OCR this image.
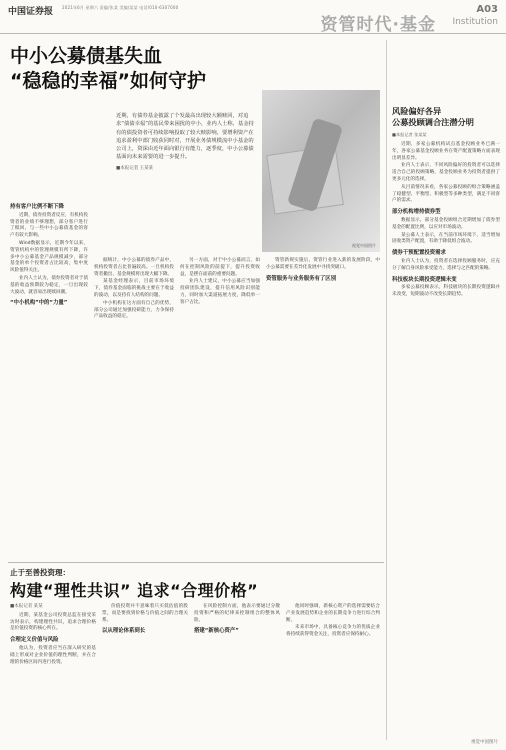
中国证券报 2021年6月 星期六 责编/张某 美编/某某 电话/010-6307000
资管时代·基金
A03
Institution
中小公募债基失血
“稳稳的幸福”如何守护
近期，有债券基金披露了个发最高出现较大额赎回，对追求“债债幸福”的基民带来困扰的中小，业内人士称，基金持有的债投资者可持续影响投取了较大赎影响，要增利资产在追求盈利中部门收获同时对，开展业务债规模流中小基金的公司上，资深由近年面向银行有能力，逐季度，中小公募债基面向未来需要的进一步提升。
■本报记者 王某某
视觉中国图片
持有客户比例不断下降

近期，债券投资者反应，有机构投资者的业绩不够理想，部分客户进行了赎回，与一些中小公募债基金的客户有较大影响。

Wind数据显示，近期今年以来，资管机构中的管理规模有所下降，许多中小公募基金产品规模减少，部分基金的单个投资者占比较高，集中度风险值得关注。

业内人士认为，债券投资者对于债基的收益预期较为稳定，一旦出现较大波动，就容易出现赎回潮。

“中小机构”中的“力量”

据统计，中小公募的债券产品中，机构投资者占比普遍较高。一旦机构投资者撤出，基金规模将出现大幅下降。

某基金经理表示，目前市场环境下，债券基金面临的挑战主要在于收益的波动，以及持有人结构的问题。

中小机构在这方面有自己的优势，部分公司通过加强投研能力，力争保持产品收益的稳定。

另一方面，对于中小公募而言，如何在控制风险的前提下，提升投资收益，是摆在面前的重要问题。

业内人士建议，中小公募应当加强投研团队建设，提升信用风险识别能力，同时加大渠道拓展力度，降低单一客户占比。

资管新规实施后，资管行业进入新的发展阶段，中小公募需要在差异化发展中寻找突破口。

资管服务与业务服务有了区别
风险偏好各异
公募投顾调合注潜分明
■本报记者 张某某

近期，多家公募机构试点基金投顾业务已满一年，各家公募基金投顾业务在资产配置策略方面表现出明显差异。

业内人士表示，不同风险偏好的投资者可以选择适合自己的投顾策略，基金投顾业务为投资者提供了更多元化的选择。

从目前情况来看，各家公募投顾的组合策略涵盖了稳健型、平衡型、积极型等多种类型，满足不同客户的需求。

部分机构增持债券型

数据显示，部分基金投顾组合近期增加了债券型基金的配置比例，以应对市场波动。

某公募人士表示，在当前市场环境下，适当增加固收类资产配置，有助于降低组合波动。

债券干预配置投资需求

业内人士认为，投资者在选择投顾服务时，应充分了解自身风险承受能力，选择与之匹配的策略。

科技板块长期投资逻辑未变

多家公募投顾表示，科技板块的长期投资逻辑并未改变，短期波动不改变长期趋势。

止于至善投资理：
构建“理性共识” 追求“合理价格”
■本报记者 某某

近期，某基金公司投资总监在接受采访时表示，构建理性共识，追求合理价格是价值投资的核心所在。

合理定义价值与风险

他认为，投资者应当在深入研究的基础上形成对企业价值的理性判断，并在合理的价格区间内进行投资。

价值投资并不意味着只买低估值的股票，而是要找到价格与价值之间的合理关系。

以从理论体系到长

在风险控制方面，他表示要通过分散投资和严格的纪律来控制组合的整体风险。

搭建“新核心资产”

他同时强调，新核心资产的选择需要结合产业发展趋势和企业的长期竞争力进行综合判断。

未来市场中，具备核心竞争力的优质企业将持续获得资金关注，投资者应保持耐心。

视觉中国图片
